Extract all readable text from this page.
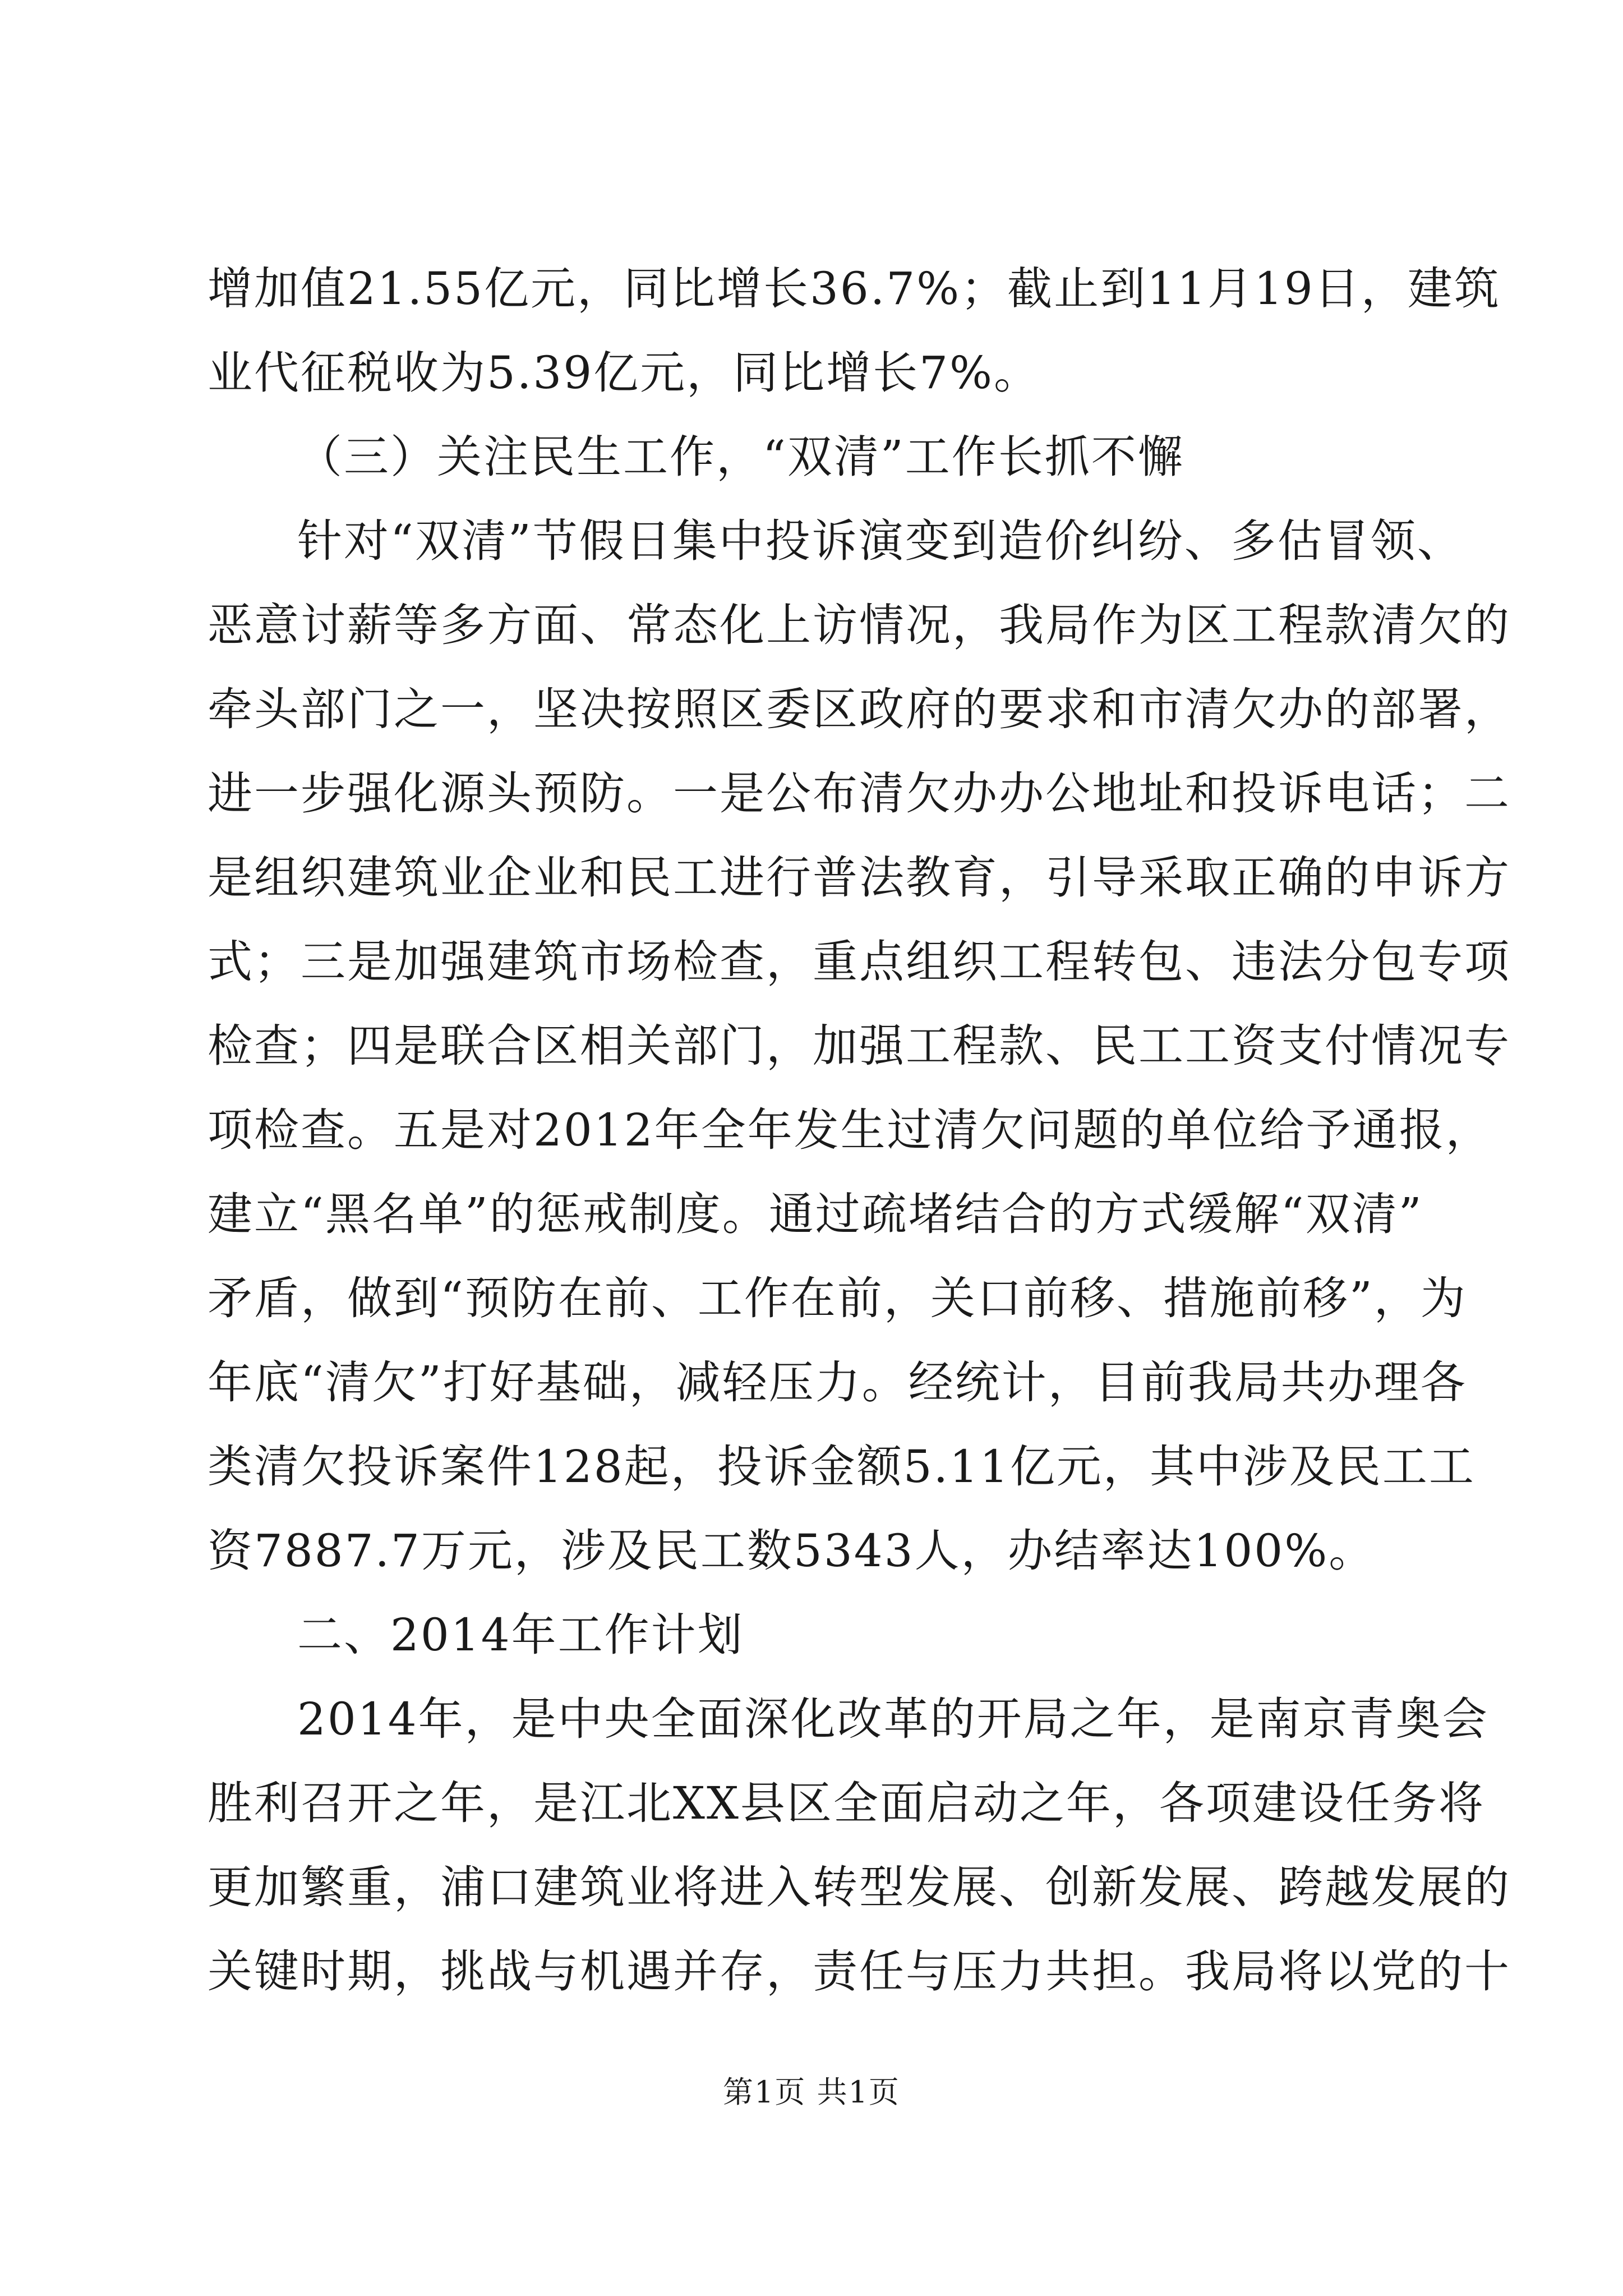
增加值21.55亿元，同比增长36.7%；截止到11月19日，建筑
业代征税收为5.39亿元，同比增长7%。
（三）关注民生工作，“双清”工作长抓不懈
针对“双清”节假日集中投诉演变到造价纠纷、多估冒领、
恶意讨薪等多方面、常态化上访情况，我局作为区工程款清欠的
牵头部门之一，坚决按照区委区政府的要求和市清欠办的部署，
进一步强化源头预防。一是公布清欠办办公地址和投诉电话；二
是组织建筑业企业和民工进行普法教育，引导采取正确的申诉方
式；三是加强建筑市场检查，重点组织工程转包、违法分包专项
检查；四是联合区相关部门，加强工程款、民工工资支付情况专
项检查。五是对2012年全年发生过清欠问题的单位给予通报，
建立“黑名单”的惩戒制度。通过疏堵结合的方式缓解“双清”
矛盾，做到“预防在前、工作在前，关口前移、措施前移”，为
年底“清欠”打好基础，减轻压力。经统计，目前我局共办理各
类清欠投诉案件128起，投诉金额5.11亿元，其中涉及民工工
资7887.7万元，涉及民工数5343人，办结率达100%。
二、2014年工作计划
2014年，是中央全面深化改革的开局之年，是南京青奥会
胜利召开之年，是江北XX县区全面启动之年，各项建设任务将
更加繁重，浦口建筑业将进入转型发展、创新发展、跨越发展的
关键时期，挑战与机遇并存，责任与压力共担。我局将以党的十
第1页 共1页
